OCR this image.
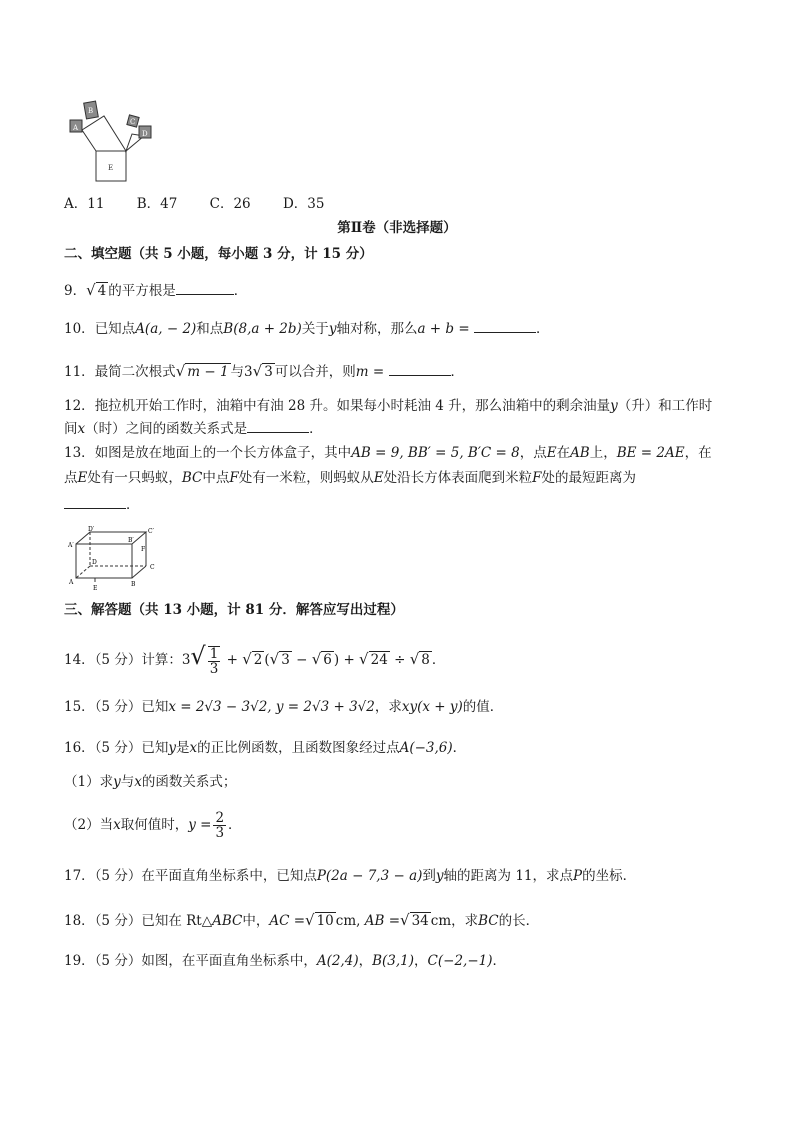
A
B
C
D
E
A．11 B．47 C．26 D．35
第Ⅱ卷（非选择题）
二、填空题（共 5 小题，每小题 3 分，计 15 分）
9．√ 4 的平方根是	．
10．已知点A(a, − 2)和点B(8,a + 2b)关于y轴对称，那么a + b =	．
11．最简二次根式√ m − 1 与3√ 3 可以合并，则m =	．
12．拖拉机开始工作时，油箱中有油 28 升。如果每小时耗油 4 升，那么油箱中的剩余油量y（升）和工作时
间x（时）之间的函数关系式是	．
13．如图是放在地面上的一个长方体盒子，其中AB = 9, BB′ = 5, B′C = 8，点E在AB上，BE = 2AE，在
点E处有一只蚂蚁，BC中点F处有一米粒，则蚂蚁从E处沿长方体表面爬到米粒F处的最短距离为
．
D′	C′
A′
B′
F
D
C
A
E
B
三、解答题（共 13 小题，计 81 分．解答应写出过程）
14．（5 分）计算：$3√ \frac{1}{3}$ + √ 2 (√ 3 − √ 6 ) + √ 24 ÷ √ 8 ．
15．（5 分）已知x = 2√3 − 3√2, y = 2√3 + 3√2，求xy(x + y)的值．
16．（5 分）已知y是x的正比例函数，且函数图象经过点A(−3,6)．
（1）求y与x的函数关系式；
（2）当x取何值时，$y = \frac{2}{3}$ ．
17．（5 分）在平面直角坐标系中，已知点P(2a − 7,3 − a)到y轴的距离为 11，求点P的坐标．
18．（5 分）已知在 Rt△ABC中，AC =√ 10 cm, AB =√ 34 cm，求BC的长．
19．（5 分）如图，在平面直角坐标系中，A(2,4)，B(3,1)，C(−2,−1)．
